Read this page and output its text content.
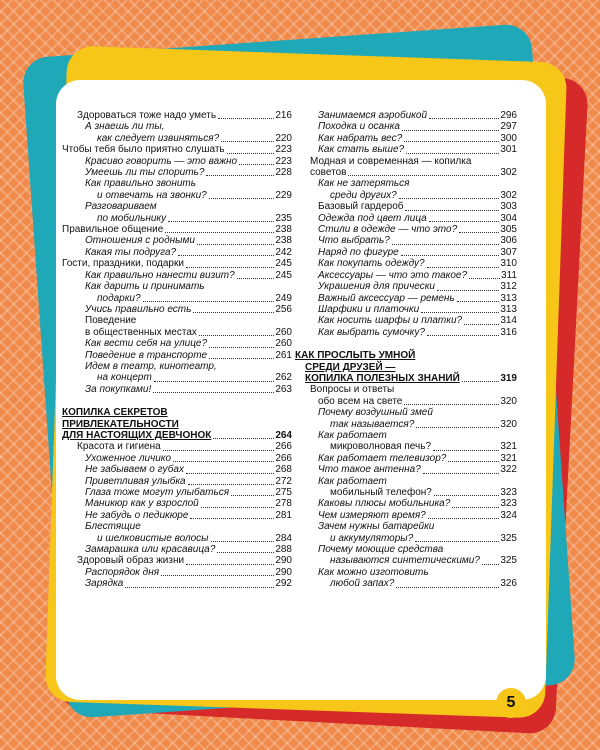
Здороваться тоже надо уметь	216
А знаешь ли ты,
как следует извиняться?	220
Чтобы тебя было приятно слушать	223
Красиво говорить — это важно	223
Умеешь ли ты спорить?	228
Как правильно звонить
и отвечать на звонки?	229
Разговариваем
по мобильнику	235
Правильное общение	238
Отношения с родными	238
Какая ты подруга?	242
Гости, праздники, подарки	245
Как правильно нанести визит?	245
Как дарить и принимать
подарки?	249
Учись правильно есть	256
Поведение
в общественных местах	260
Как вести себя на улице?	260
Поведение в транспорте	261
Идем в театр, кинотеатр,
на концерт	262
За покупками!	263
КОПИЛКА СЕКРЕТОВ
ПРИВЛЕКАТЕЛЬНОСТИ
ДЛЯ НАСТОЯЩИХ ДЕВЧОНОК	264
Красота и гигиена	266
Ухоженное личико	266
Не забываем о губах	268
Приветливая улыбка	272
Глаза тоже могут улыбаться	275
Маникюр как у взрослой	278
Не забудь о педикюре	281
Блестящие
и шелковистые волосы	284
Замарашка или красавица?	288
Здоровый образ жизни	290
Распорядок дня	290
Зарядка	292
Занимаемся аэробикой	296
Походка и осанка	297
Как набрать вес?	300
Как стать выше?	301
Модная и современная — копилка
советов	302
Как не затеряться
среди других?	302
Базовый гардероб	303
Одежда под цвет лица	304
Стили в одежде — что это?	305
Что выбрать?	306
Наряд по фигуре	307
Как покупать одежду?	310
Аксессуары — что это такое?	311
Украшения для прически	312
Важный аксессуар — ремень	313
Шарфики и платочки	313
Как носить шарфы и платки?	314
Как выбрать сумочку?	316
КАК ПРОСЛЫТЬ УМНОЙ
СРЕДИ ДРУЗЕЙ —
КОПИЛКА ПОЛЕЗНЫХ ЗНАНИЙ	319
Вопросы и ответы
обо всем на свете	320
Почему воздушный змей
так называется?	320
Как работает
микроволновая печь?	321
Как работает телевизор?	321
Что такое антенна?	322
Как работает
мобильный телефон?	323
Каковы плюсы мобильника?	323
Чем измеряют время?	324
Зачем нужны батарейки
и аккумуляторы?	325
Почему моющие средства
называются синтетическими? 325
Как можно изготовить
любой запах?	326
5
